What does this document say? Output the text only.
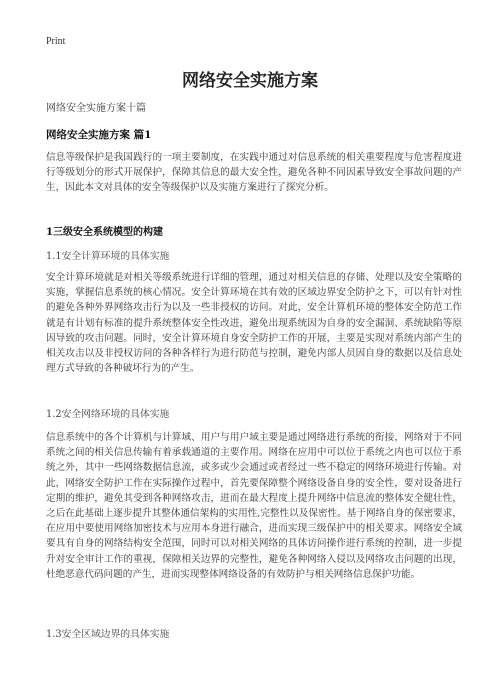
Print
网络安全实施方案
网络安全实施方案十篇
网络安全实施方案 篇1

信息等级保护是我国践行的一项主要制度，在实践中通过对信息系统的相关重要程度与危害程度进行等级划分的形式开展保护，保障其信息的最大安全性，避免各种不同因素导致安全事故问题的产生，因此本文对具体的安全等级保护以及实施方案进行了探究分析。

1三级安全系统模型的构建
1.1安全计算环境的具体实施

安全计算环境就是对相关等级系统进行详细的管理，通过对相关信息的存储、处理以及安全策略的实施，掌握信息系统的核心情况。安全计算环境在其有效的区域边界安全防护之下，可以有针对性的避免各种外界网络攻击行为以及一些非授权的访问。对此，安全计算机环境的整体安全防范工作就是有计划有标准的提升系统整体安全性改进，避免出现系统因为自身的安全漏洞、系统缺陷等原因导致的攻击问题。同时，安全计算环境自身安全防护工作的开展，主要是实现对系统内部产生的相关攻击以及非授权访问的各种各样行为进行防范与控制，避免内部人员因自身的数据以及信息处理方式导致的各种破坏行为的产生。

1.2安全网络环境的具体实施

信息系统中的各个计算机与计算域、用户与用户域主要是通过网络进行系统的衔接，网络对于不同系统之间的相关信息传输有着承载通道的主要作用。网络在应用中可以位于系统之内也可以位于系统之外，其中一些网络数据信息流，或多或少会通过或者经过一些不稳定的网络环境进行传输。对此，网络安全防护工作在实际操作过程中，首先要保障整个网络设备自身的安全性，要对设备进行定期的维护，避免其受到各种网络攻击，进而在最大程度上提升网络中信息流的整体安全健壮性，之后在此基础上逐步提升其整体通信架构的实用性,完整性以及保密性。基于网络自身的保密要求，在应用中要使用网络加密技术与应用本身进行融合，进而实现三级保护中的相关要求。网络安全域要具有自身的网络结构安全范围，同时可以对相关网络的具体访问操作进行系统的控制，进一步提升对安全审计工作的重视，保障相关边界的完整性，避免各种网络入侵以及网络攻击问题的出现，杜绝恶意代码问题的产生，进而实现整体网络设备的有效防护与相关网络信息保护功能。

1.3安全区域边界的具体实施
